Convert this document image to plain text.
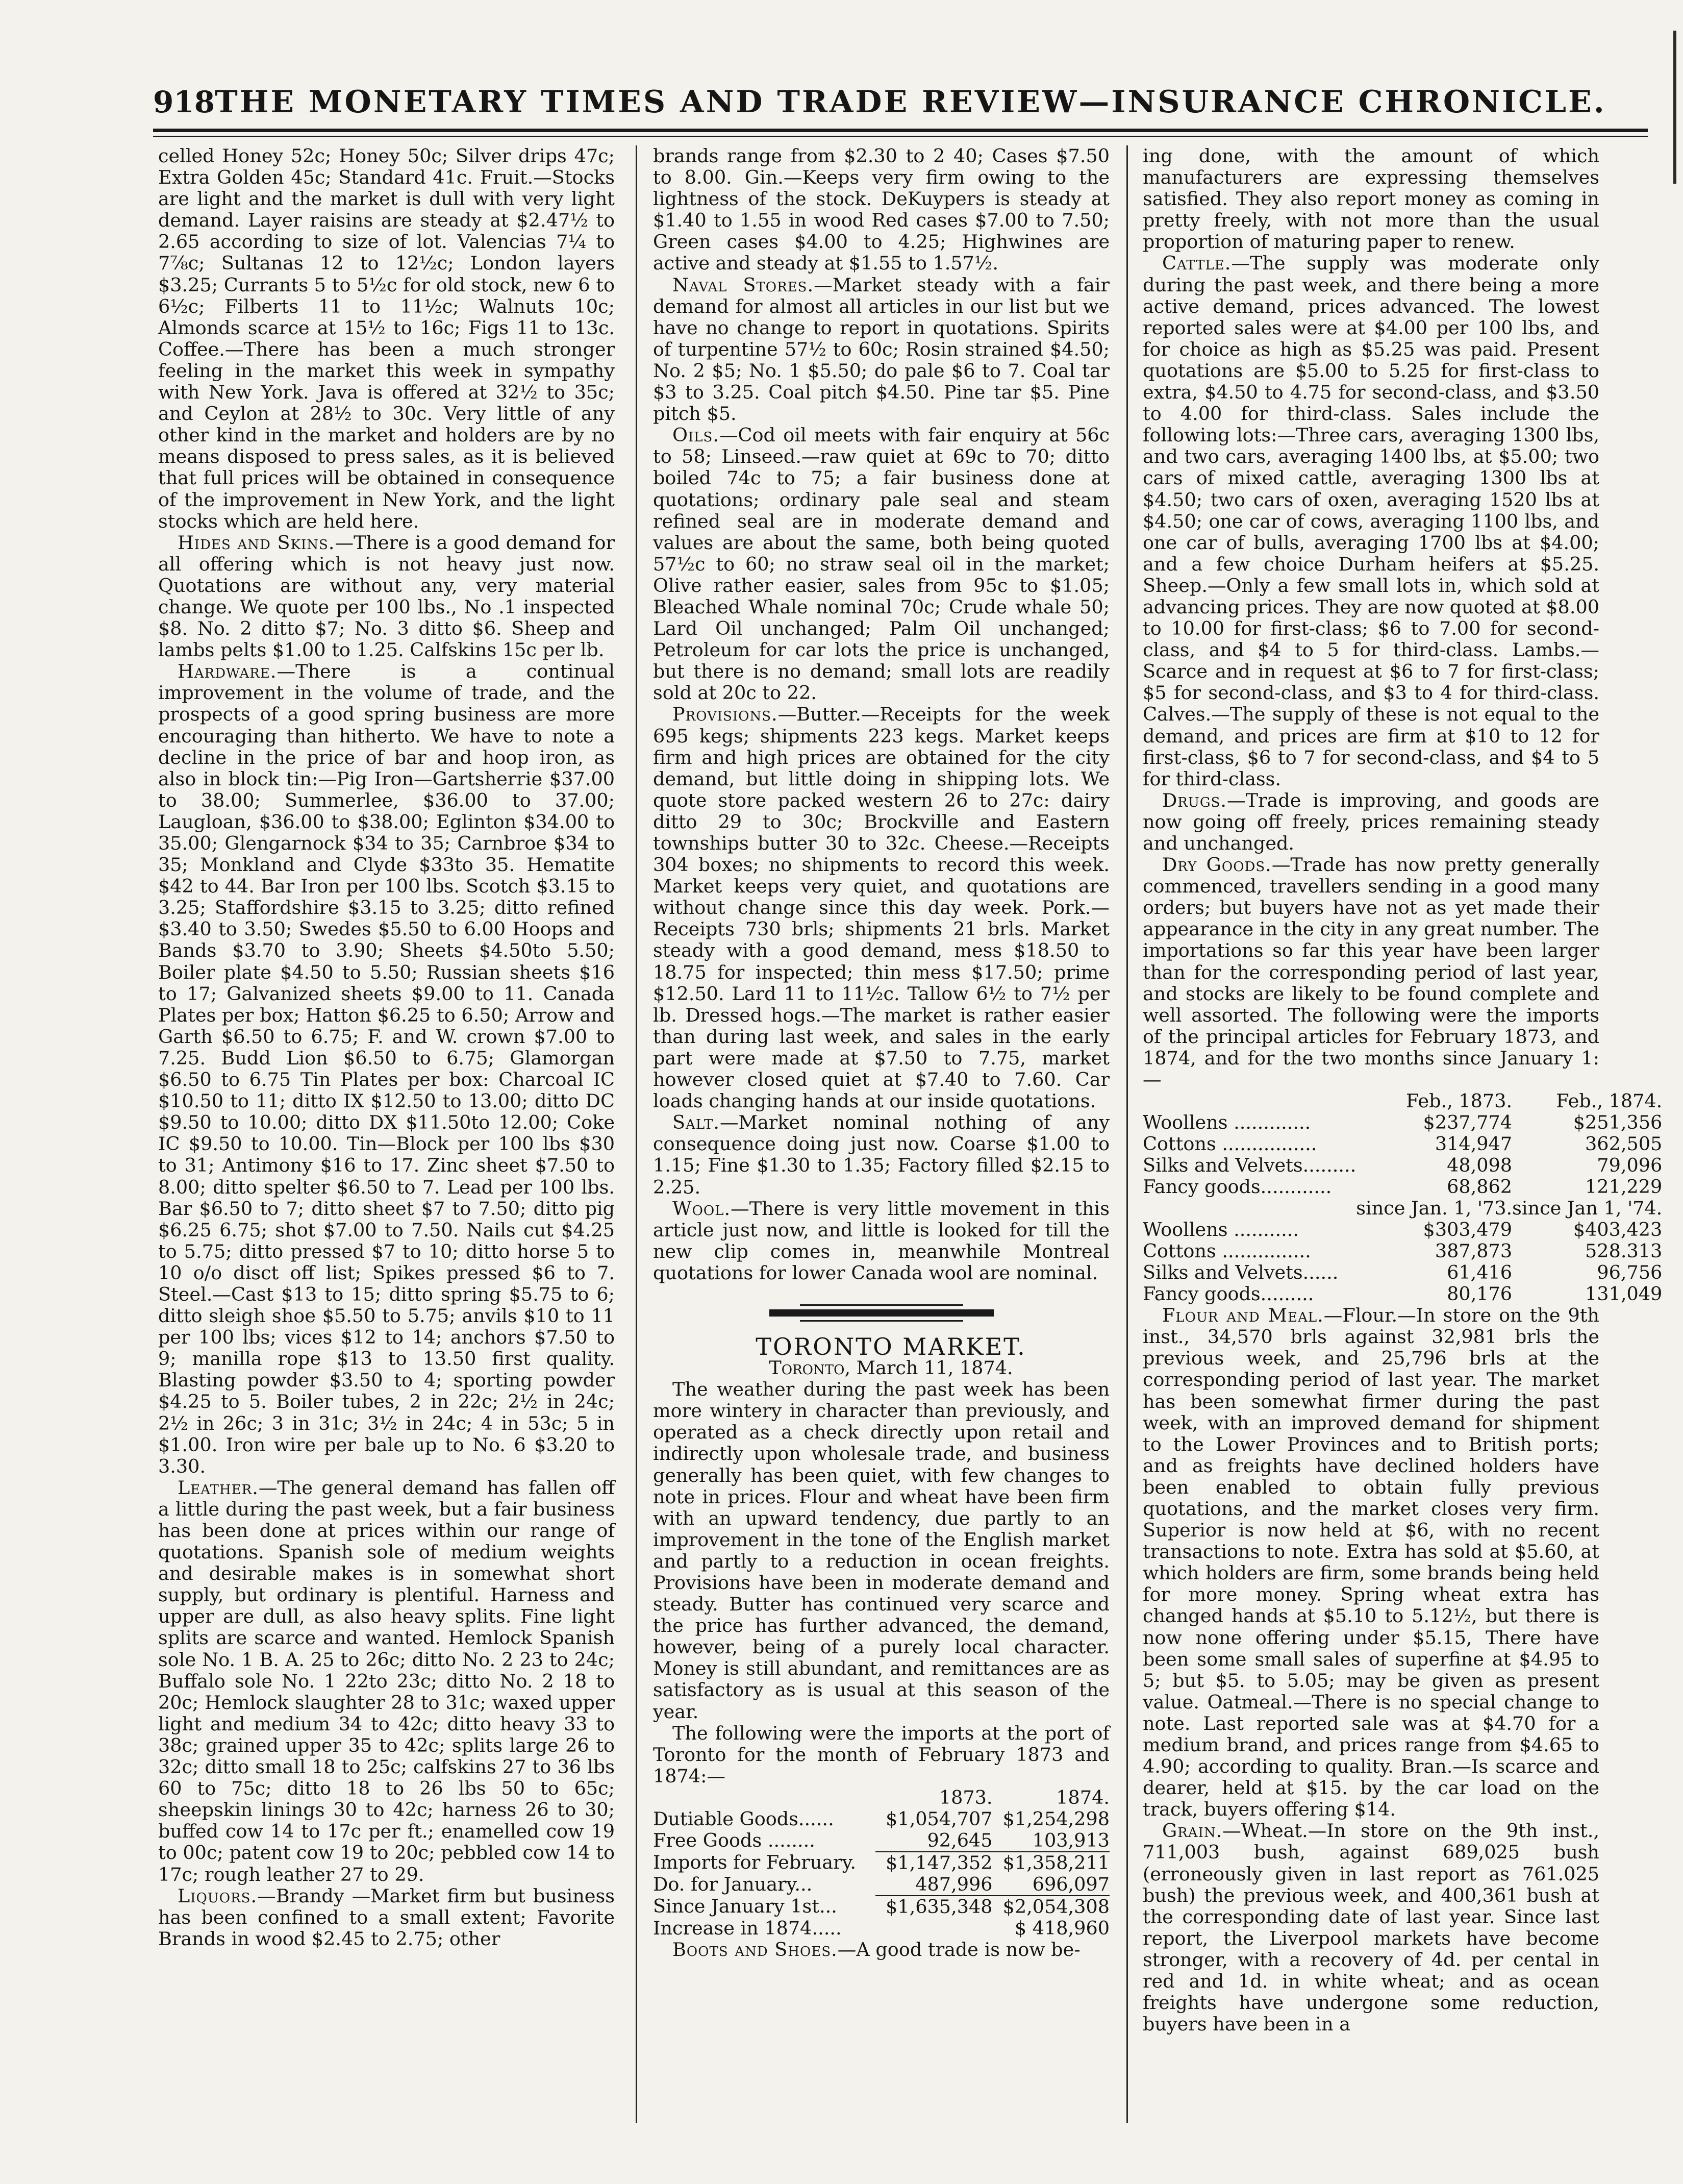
918 THE MONETARY TIMES AND TRADE REVIEW—INSURANCE CHRONICLE.

celled Honey 52c; Honey 50c; Silver drips 47c; Extra Golden 45c; Standard 41c. Fruit.—Stocks are light and the market is dull with very light demand. Layer raisins are steady at $2.47½ to 2.65 according to size of lot. Valencias 7¼ to 7⅞c; Sultanas 12 to 12½c; London layers $3.25; Currants 5 to 5½c for old stock, new 6 to 6½c; Filberts 11 to 11½c; Walnuts 10c; Almonds scarce at 15½ to 16c; Figs 11 to 13c. Coffee.—There has been a much stronger feeling in the market this week in sympathy with New York. Java is offered at 32½ to 35c; and Ceylon at 28½ to 30c. Very little of any other kind in the market and holders are by no means disposed to press sales, as it is believed that full prices will be obtained in consequence of the improvement in New York, and the light stocks which are held here.

Hides and Skins.—There is a good demand for all offering which is not heavy just now. Quotations are without any, very material change. We quote per 100 lbs., No .1 inspected $8. No. 2 ditto $7; No. 3 ditto $6. Sheep and lambs pelts $1.00 to 1.25. Calfskins 15c per lb.

Hardware.—There is a continual improvement in the volume of trade, and the prospects of a good spring business are more encouraging than hitherto. We have to note a decline in the price of bar and hoop iron, as also in block tin:—Pig Iron—Gartsherrie $37.00 to 38.00; Summerlee, $36.00 to 37.00; Laugloan, $36.00 to $38.00; Eglinton $34.00 to 35.00; Glengarnock $34 to 35; Carnbroe $34 to 35; Monkland and Clyde $33to 35. Hematite $42 to 44. Bar Iron per 100 lbs. Scotch $3.15 to 3.25; Staffordshire $3.15 to 3.25; ditto refined $3.40 to 3.50; Swedes $5.50 to 6.00 Hoops and Bands $3.70 to 3.90; Sheets $4.50to 5.50; Boiler plate $4.50 to 5.50; Russian sheets $16 to 17; Galvanized sheets $9.00 to 11. Canada Plates per box; Hatton $6.25 to 6.50; Arrow and Garth $6.50 to 6.75; F. and W. crown $7.00 to 7.25. Budd Lion $6.50 to 6.75; Glamorgan $6.50 to 6.75 Tin Plates per box: Charcoal IC $10.50 to 11; ditto IX $12.50 to 13.00; ditto DC $9.50 to 10.00; ditto DX $11.50to 12.00; Coke IC $9.50 to 10.00. Tin—Block per 100 lbs $30 to 31; Antimony $16 to 17. Zinc sheet $7.50 to 8.00; ditto spelter $6.50 to 7. Lead per 100 lbs. Bar $6.50 to 7; ditto sheet $7 to 7.50; ditto pig $6.25 6.75; shot $7.00 to 7.50. Nails cut $4.25 to 5.75; ditto pressed $7 to 10; ditto horse 5 to 10 o/o disct off list; Spikes pressed $6 to 7. Steel.—Cast $13 to 15; ditto spring $5.75 to 6; ditto sleigh shoe $5.50 to 5.75; anvils $10 to 11 per 100 lbs; vices $12 to 14; anchors $7.50 to 9; manilla rope $13 to 13.50 first quality. Blasting powder $3.50 to 4; sporting powder $4.25 to 5. Boiler tubes, 2 in 22c; 2½ in 24c; 2½ in 26c; 3 in 31c; 3½ in 24c; 4 in 53c; 5 in $1.00. Iron wire per bale up to No. 6 $3.20 to 3.30.

Leather.—The general demand has fallen off a little during the past week, but a fair business has been done at prices within our range of quotations. Spanish sole of medium weights and desirable makes is in somewhat short supply, but ordinary is plentiful. Harness and upper are dull, as also heavy splits. Fine light splits are scarce and wanted. Hemlock Spanish sole No. 1 B. A. 25 to 26c; ditto No. 2 23 to 24c; Buffalo sole No. 1 22to 23c; ditto No. 2 18 to 20c; Hemlock slaughter 28 to 31c; waxed upper light and medium 34 to 42c; ditto heavy 33 to 38c; grained upper 35 to 42c; splits large 26 to 32c; ditto small 18 to 25c; calfskins 27 to 36 lbs 60 to 75c; ditto 18 to 26 lbs 50 to 65c; sheepskin linings 30 to 42c; harness 26 to 30; buffed cow 14 to 17c per ft.; enamelled cow 19 to 00c; patent cow 19 to 20c; pebbled cow 14 to 17c; rough leather 27 to 29.

Liquors.—Brandy —Market firm but business has been confined to a small extent; Favorite Brands in wood $2.45 to 2.75; other

brands range from $2.30 to 2 40; Cases $7.50 to 8.00. Gin.—Keeps very firm owing to the lightness of the stock. DeKuypers is steady at $1.40 to 1.55 in wood Red cases $7.00 to 7.50; Green cases $4.00 to 4.25; Highwines are active and steady at $1.55 to 1.57½.

Naval Stores.—Market steady with a fair demand for almost all articles in our list but we have no change to report in quotations. Spirits of turpentine 57½ to 60c; Rosin strained $4.50; No. 2 $5; No. 1 $5.50; do pale $6 to 7. Coal tar $3 to 3.25. Coal pitch $4.50. Pine tar $5. Pine pitch $5.

Oils.—Cod oil meets with fair enquiry at 56c to 58; Linseed.—raw quiet at 69c to 70; ditto boiled 74c to 75; a fair business done at quotations; ordinary pale seal and steam refined seal are in moderate demand and values are about the same, both being quoted 57½c to 60; no straw seal oil in the market; Olive rather easier, sales from 95c to $1.05; Bleached Whale nominal 70c; Crude whale 50; Lard Oil unchanged; Palm Oil unchanged; Petroleum for car lots the price is unchanged, but there is no demand; small lots are readily sold at 20c to 22.

Provisions.—Butter.—Receipts for the week 695 kegs; shipments 223 kegs. Market keeps firm and high prices are obtained for the city demand, but little doing in shipping lots. We quote store packed western 26 to 27c: dairy ditto 29 to 30c; Brockville and Eastern townships butter 30 to 32c. Cheese.—Receipts 304 boxes; no shipments to record this week. Market keeps very quiet, and quotations are without change since this day week. Pork.—Receipts 730 brls; shipments 21 brls. Market steady with a good demand, mess $18.50 to 18.75 for inspected; thin mess $17.50; prime $12.50. Lard 11 to 11½c. Tallow 6½ to 7½ per lb. Dressed hogs.—The market is rather easier than during last week, and sales in the early part were made at $7.50 to 7.75, market however closed quiet at $7.40 to 7.60. Car loads changing hands at our inside quotations.

Salt.—Market nominal nothing of any consequence doing just now. Coarse $1.00 to 1.15; Fine $1.30 to 1.35; Factory filled $2.15 to 2.25.

Wool.—There is very little movement in this article just now, and little is looked for till the new clip comes in, meanwhile Montreal quotations for lower Canada wool are nominal.

TORONTO MARKET.

Toronto, March 11, 1874.

The weather during the past week has been more wintery in character than previously, and operated as a check directly upon retail and indirectly upon wholesale trade, and business generally has been quiet, with few changes to note in prices. Flour and wheat have been firm with an upward tendency, due partly to an improvement in the tone of the English market and partly to a reduction in ocean freights. Provisions have been in moderate demand and steady. Butter has continued very scarce and the price has further advanced, the demand, however, being of a purely local character. Money is still abundant, and remittances are as satisfactory as is usual at this season of the year.

The following were the imports at the port of Toronto for the month of February 1873 and 1874:—

	1873.	1874.
Dutiable Goods......	$1,054,707	$1,254,298
Free Goods ........	92,645	103,913
Imports for February.	$1,147,352	$1,358,211
Do. for January...	487,996	696,097
Since January 1st...	$1,635,348	$2,054,308
Increase in 1874.....		$ 418,960

Boots and Shoes.—A good trade is now be-

ing done, with the amount of which manufacturers are expressing themselves satisfied. They also report money as coming in pretty freely, with not more than the usual proportion of maturing paper to renew.

Cattle.—The supply was moderate only during the past week, and there being a more active demand, prices advanced. The lowest reported sales were at $4.00 per 100 lbs, and for choice as high as $5.25 was paid. Present quotations are $5.00 to 5.25 for first-class to extra, $4.50 to 4.75 for second-class, and $3.50 to 4.00 for third-class. Sales include the following lots:—Three cars, averaging 1300 lbs, and two cars, averaging 1400 lbs, at $5.00; two cars of mixed cattle, averaging 1300 lbs at $4.50; two cars of oxen, averaging 1520 lbs at $4.50; one car of cows, averaging 1100 lbs, and one car of bulls, averaging 1700 lbs at $4.00; and a few choice Durham heifers at $5.25. Sheep.—Only a few small lots in, which sold at advancing prices. They are now quoted at $8.00 to 10.00 for first-class; $6 to 7.00 for second-class, and $4 to 5 for third-class. Lambs.—Scarce and in request at $6 to 7 for first-class; $5 for second-class, and $3 to 4 for third-class. Calves.—The supply of these is not equal to the demand, and prices are firm at $10 to 12 for first-class, $6 to 7 for second-class, and $4 to 5 for third-class.

Drugs.—Trade is improving, and goods are now going off freely, prices remaining steady and unchanged.

Dry Goods.—Trade has now pretty generally commenced, travellers sending in a good many orders; but buyers have not as yet made their appearance in the city in any great number. The importations so far this year have been larger than for the corresponding period of last year, and stocks are likely to be found complete and well assorted. The following were the imports of the principal articles for February 1873, and 1874, and for the two months since January 1:—

	Feb., 1873.	Feb., 1874.
Woollens .............	$237,774	$251,356
Cottons ................	314,947	362,505
Silks and Velvets.........	48,098	79,096
Fancy goods............	68,862	121,229
	since Jan. 1, '73.	since Jan 1, '74.
Woollens ...........	$303,479	$403,423
Cottons ...............	387,873	528.313
Silks and Velvets......	61,416	96,756
Fancy goods.........	80,176	131,049

Flour and Meal.—Flour.—In store on the 9th inst., 34,570 brls against 32,981 brls the previous week, and 25,796 brls at the corresponding period of last year. The market has been somewhat firmer during the past week, with an improved demand for shipment to the Lower Provinces and to British ports; and as freights have declined holders have been enabled to obtain fully previous quotations, and the market closes very firm. Superior is now held at $6, with no recent transactions to note. Extra has sold at $5.60, at which holders are firm, some brands being held for more money. Spring wheat extra has changed hands at $5.10 to 5.12½, but there is now none offering under $5.15, There have been some small sales of superfine at $4.95 to 5; but $5. to 5.05; may be given as present value. Oatmeal.—There is no special change to note. Last reported sale was at $4.70 for a medium brand, and prices range from $4.65 to 4.90; according to quality. Bran.—Is scarce and dearer, held at $15. by the car load on the track, buyers offering $14.

Grain.—Wheat.—In store on the 9th inst., 711,003 bush, against 689,025 bush (erroneously given in last report as 761.025 bush) the previous week, and 400,361 bush at the corresponding date of last year. Since last report, the Liverpool markets have become stronger, with a recovery of 4d. per cental in red and 1d. in white wheat; and as ocean freights have undergone some reduction, buyers have been in a
